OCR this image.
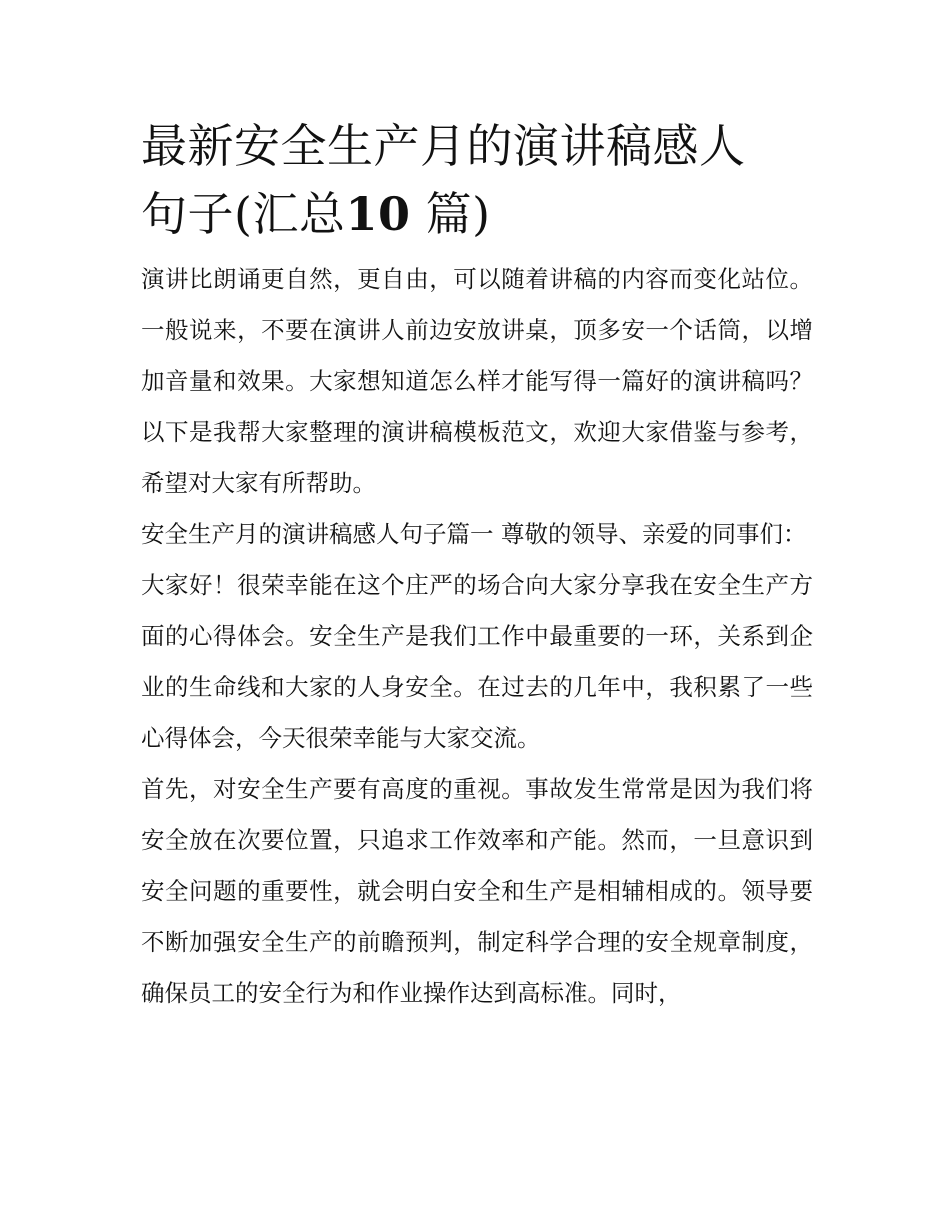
最新安全生产月的演讲稿感人
句子(汇总10 篇)

演讲比朗诵更自然，更自由，可以随着讲稿的内容而变化站位。一般说来，不要在演讲人前边安放讲桌，顶多安一个话筒，以增加音量和效果。大家想知道怎么样才能写得一篇好的演讲稿吗？以下是我帮大家整理的演讲稿模板范文，欢迎大家借鉴与参考，希望对大家有所帮助。

安全生产月的演讲稿感人句子篇一 尊敬的领导、亲爱的同事们：

大家好！很荣幸能在这个庄严的场合向大家分享我在安全生产方面的心得体会。安全生产是我们工作中最重要的一环，关系到企业的生命线和大家的人身安全。在过去的几年中，我积累了一些心得体会，今天很荣幸能与大家交流。

首先，对安全生产要有高度的重视。事故发生常常是因为我们将安全放在次要位置，只追求工作效率和产能。然而，一旦意识到安全问题的重要性，就会明白安全和生产是相辅相成的。领导要不断加强安全生产的前瞻预判，制定科学合理的安全规章制度，确保员工的安全行为和作业操作达到高标准。同时，
